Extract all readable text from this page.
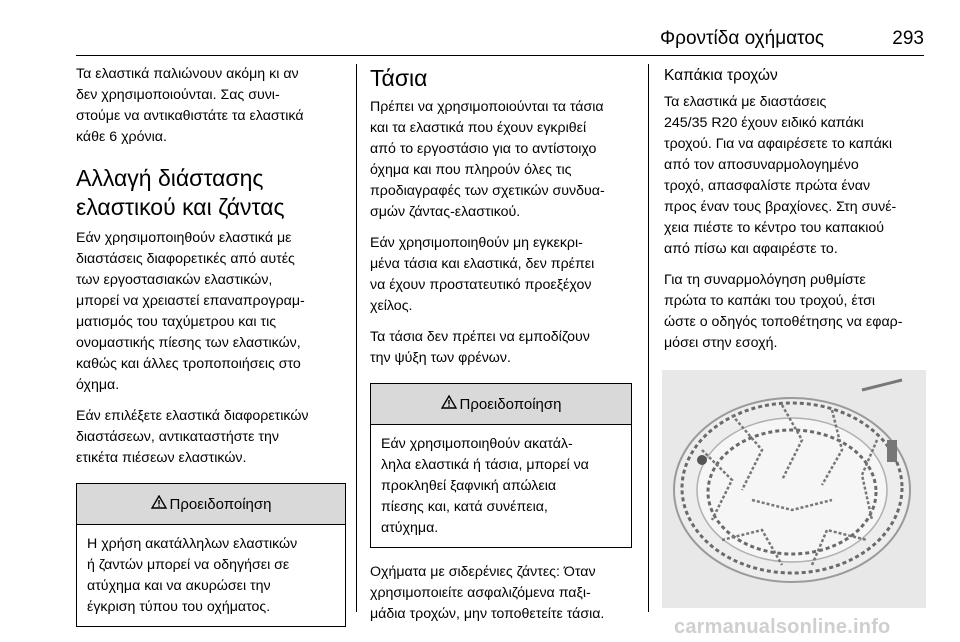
Φροντίδα οχήματος	293

Τα ελαστικά παλιώνουν ακόμη κι αν
δεν χρησιμοποιούνται. Σας συνι-
στούμε να αντικαθιστάτε τα ελαστικά
κάθε 6 χρόνια.

Αλλαγή διάστασης
ελαστικού και ζάντας

Εάν χρησιμοποιηθούν ελαστικά με
διαστάσεις διαφορετικές από αυτές
των εργοστασιακών ελαστικών,
μπορεί να χρειαστεί επαναπρογραμ-
ματισμός του ταχύμετρου και τις
ονομαστικής πίεσης των ελαστικών,
καθώς και άλλες τροποποιήσεις στο
όχημα.

Εάν επιλέξετε ελαστικά διαφορετικών
διαστάσεων, αντικαταστήστε την
ετικέτα πιέσεων ελαστικών.

Προειδοποίηση

Η χρήση ακατάλληλων ελαστικών
ή ζαντών μπορεί να οδηγήσει σε
ατύχημα και να ακυρώσει την
έγκριση τύπου του οχήματος.

Τάσια

Πρέπει να χρησιμοποιούνται τα τάσια
και τα ελαστικά που έχουν εγκριθεί
από το εργοστάσιο για το αντίστοιχο
όχημα και που πληρούν όλες τις
προδιαγραφές των σχετικών συνδυα-
σμών ζάντας-ελαστικού.

Εάν χρησιμοποιηθούν μη εγκεκρι-
μένα τάσια και ελαστικά, δεν πρέπει
να έχουν προστατευτικό προεξέχον
χείλος.

Τα τάσια δεν πρέπει να εμποδίζουν
την ψύξη των φρένων.

Προειδοποίηση

Εάν χρησιμοποιηθούν ακατάλ-
ληλα ελαστικά ή τάσια, μπορεί να
προκληθεί ξαφνική απώλεια
πίεσης και, κατά συνέπεια,
ατύχημα.

Οχήματα με σιδερένιες ζάντες: Όταν
χρησιμοποιείτε ασφαλιζόμενα παξι-
μάδια τροχών, μην τοποθετείτε τάσια.

Καπάκια τροχών

Τα ελαστικά με διαστάσεις
245/35 R20 έχουν ειδικό καπάκι
τροχού. Για να αφαιρέσετε το καπάκι
από τον αποσυναρμολογημένο
τροχό, απασφαλίστε πρώτα έναν
προς έναν τους βραχίονες. Στη συνέ-
χεια πιέστε το κέντρο του καπακιού
από πίσω και αφαιρέστε το.

Για τη συναρμολόγηση ρυθμίστε
πρώτα το καπάκι του τροχού, έτσι
ώστε ο οδηγός τοποθέτησης να εφαρ-
μόσει στην εσοχή.

carmanualsonline.info
